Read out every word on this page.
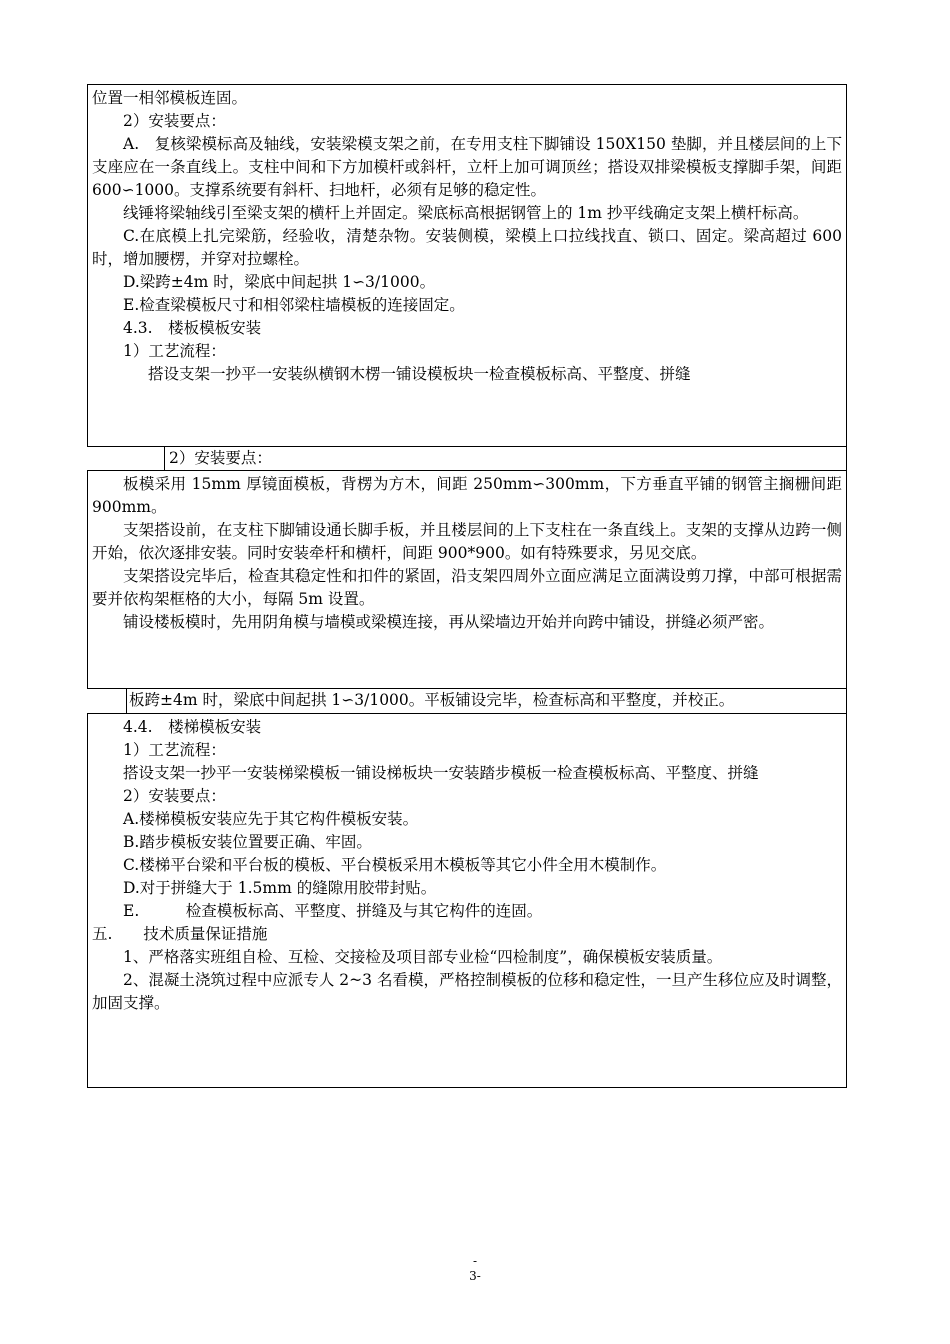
位置一相邻模板连固。

2）安装要点：

A.　复核梁模标高及轴线，安装梁模支架之前，在专用支柱下脚铺设 150X150 垫脚，并且楼层间的上下支座应在一条直线上。支柱中间和下方加模杆或斜杆，立杆上加可调顶丝；搭设双排梁模板支撑脚手架，间距 600∽1000。支撑系统要有斜杆、扫地杆，必须有足够的稳定性。

线锤将梁轴线引至梁支架的横杆上并固定。梁底标高根据钢管上的 1m 抄平线确定支架上横杆标高。

C.在底模上扎完梁筋，经验收，清楚杂物。安装侧模，梁模上口拉线找直、锁口、固定。梁高超过 600 时，增加腰楞，并穿对拉螺栓。

D.梁跨±4m 时，梁底中间起拱 1∽3/1000。

E.检查梁模板尺寸和相邻梁柱墙模板的连接固定。

4.3.　楼板模板安装

1）工艺流程：

搭设支架一抄平一安装纵横钢木楞一铺设模板块一检查模板标高、平整度、拼缝

2）安装要点：

板模采用 15mm 厚镜面模板，背楞为方木，间距 250mm∽300mm，下方垂直平铺的钢管主搁栅间距 900mm。

支架搭设前，在支柱下脚铺设通长脚手板，并且楼层间的上下支柱在一条直线上。支架的支撑从边跨一侧开始，依次逐排安装。同时安装牵杆和横杆，间距 900*900。如有特殊要求，另见交底。

支架搭设完毕后，检查其稳定性和扣件的紧固，沿支架四周外立面应满足立面满设剪刀撑，中部可根据需要并依构架框格的大小，每隔 5m 设置。

铺设楼板模时，先用阴角模与墙模或梁模连接，再从梁墙边开始并向跨中铺设，拼缝必须严密。

板跨±4m 时，梁底中间起拱 1∽3/1000。平板铺设完毕，检查标高和平整度，并校正。

4.4.　楼梯模板安装

1）工艺流程：

搭设支架一抄平一安装梯梁模板一铺设梯板块一安装踏步模板一检查模板标高、平整度、拼缝

2）安装要点：

A.楼梯模板安装应先于其它构件模板安装。

B.踏步模板安装位置要正确、牢固。

C.楼梯平台梁和平台板的模板、平台模板采用木模板等其它小件全用木模制作。

D.对于拼缝大于 1.5mm 的缝隙用胶带封贴。

E.　　　检查模板标高、平整度、拼缝及与其它构件的连固。

五.　　技术质量保证措施

1、严格落实班组自检、互检、交接检及项目部专业检“四检制度”，确保模板安装质量。

2、混凝土浇筑过程中应派专人 2~3 名看模，严格控制模板的位移和稳定性，一旦产生移位应及时调整，加固支撑。

-
3-
